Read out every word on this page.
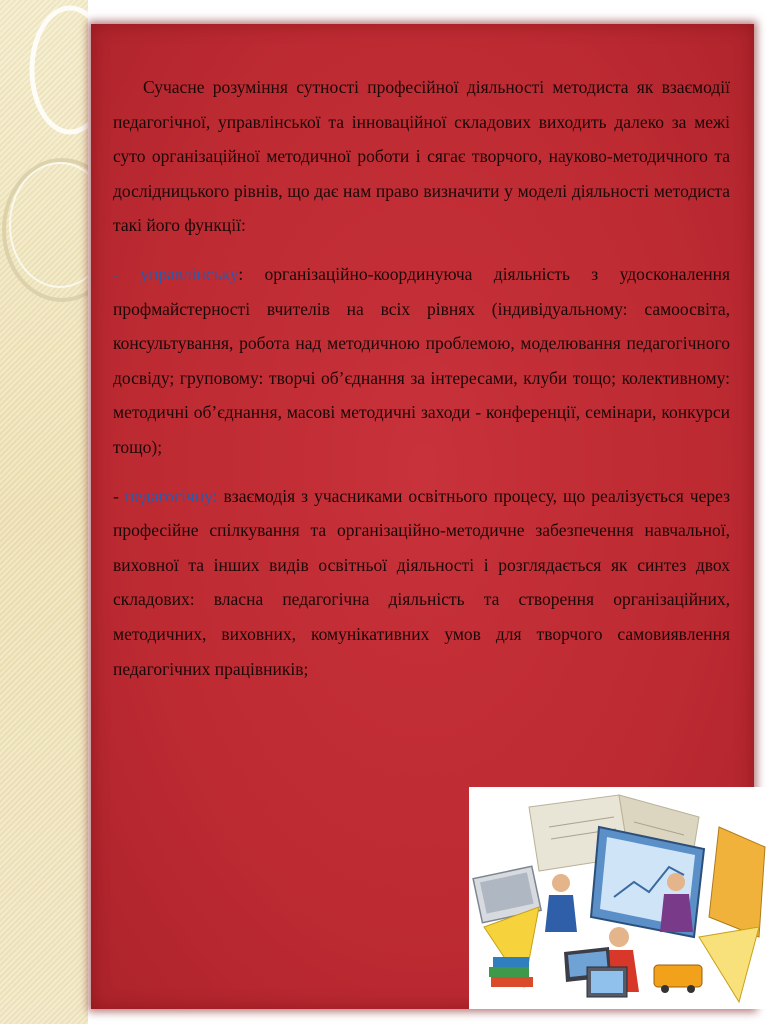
Сучасне розуміння сутності професійної діяльності методиста як взаємодії педагогічної, управлінської та інноваційної складових виходить далеко за межі суто організаційної методичної роботи і сягає творчого, науково-методичного та дослідницького рівнів, що дає нам право визначити у моделі діяльності методиста такі його функції:

- управлінську: організаційно-координуюча діяльність з удосконалення профмайстерності вчителів на всіх рівнях (індивідуальному: самоосвіта, консультування, робота над методичною проблемою, моделювання педагогічного досвіду; груповому: творчі об’єднання за інтересами, клуби тощо; колективному: методичні об’єднання, масові методичні заходи - конференції, семінари, конкурси тощо);

- педагогічну: взаємодія з учасниками освітнього процесу, що реалізується через професійне спілкування та організаційно-методичне забезпечення навчальної, виховної та інших видів освітньої діяльності і розглядається як синтез двох складових: власна педагогічна діяльність та створення організаційних, методичних, виховних, комунікативних умов для творчого самовиявлення педагогічних працівників;
